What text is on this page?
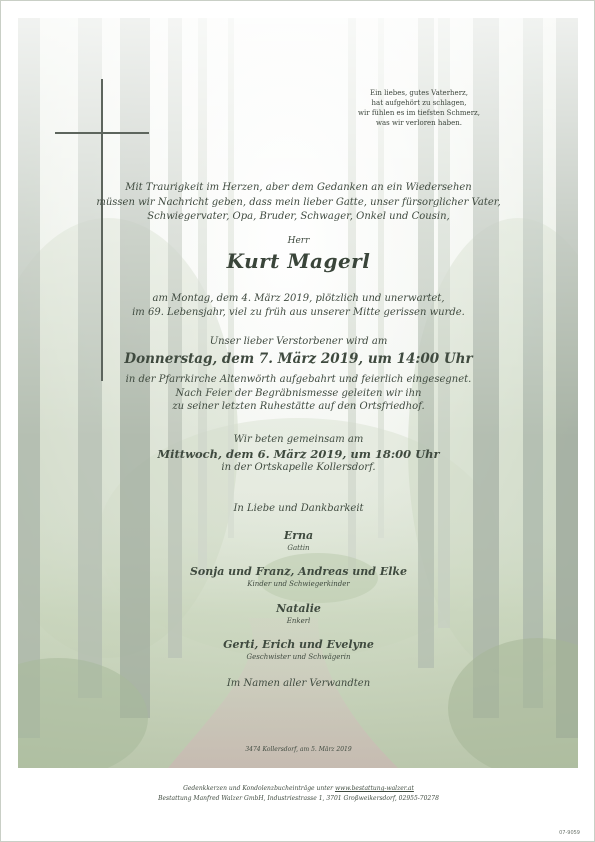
Ein liebes, gutes Vaterherz,
hat aufgehört zu schlagen,
wir fühlen es im tiefsten Schmerz,
was wir verloren haben.
Mit Traurigkeit im Herzen, aber dem Gedanken an ein Wiedersehen
müssen wir Nachricht geben, dass mein lieber Gatte, unser fürsorglicher Vater,
Schwiegervater, Opa, Bruder, Schwager, Onkel und Cousin,
Herr
Kurt Magerl
am Montag, dem 4. März 2019, plötzlich und unerwartet,
im 69. Lebensjahr, viel zu früh aus unserer Mitte gerissen wurde.
Unser lieber Verstorbener wird am
Donnerstag, dem 7. März 2019, um 14:00 Uhr
in der Pfarrkirche Altenwörth aufgebahrt und feierlich eingesegnet.
Nach Feier der Begräbnismesse geleiten wir ihn
zu seiner letzten Ruhestätte auf den Ortsfriedhof.
Wir beten gemeinsam am
Mittwoch, dem 6. März 2019, um 18:00 Uhr
in der Ortskapelle Kollersdorf.
In Liebe und Dankbarkeit
Erna
Gattin
Sonja und Franz, Andreas und Elke
Kinder und Schwiegerkinder
Natalie
Enkerl
Gerti, Erich und Evelyne
Geschwister und Schwägerin
Im Namen aller Verwandten
3474 Kollersdorf, am 5. März 2019
Gedenkkerzen und Kondolenzbucheinträge unter www.bestattung-walzer.at
Bestattung Manfred Walzer GmbH, Industriestrasse 1, 3701 Großweikersdorf, 02955-70278
07-9059
